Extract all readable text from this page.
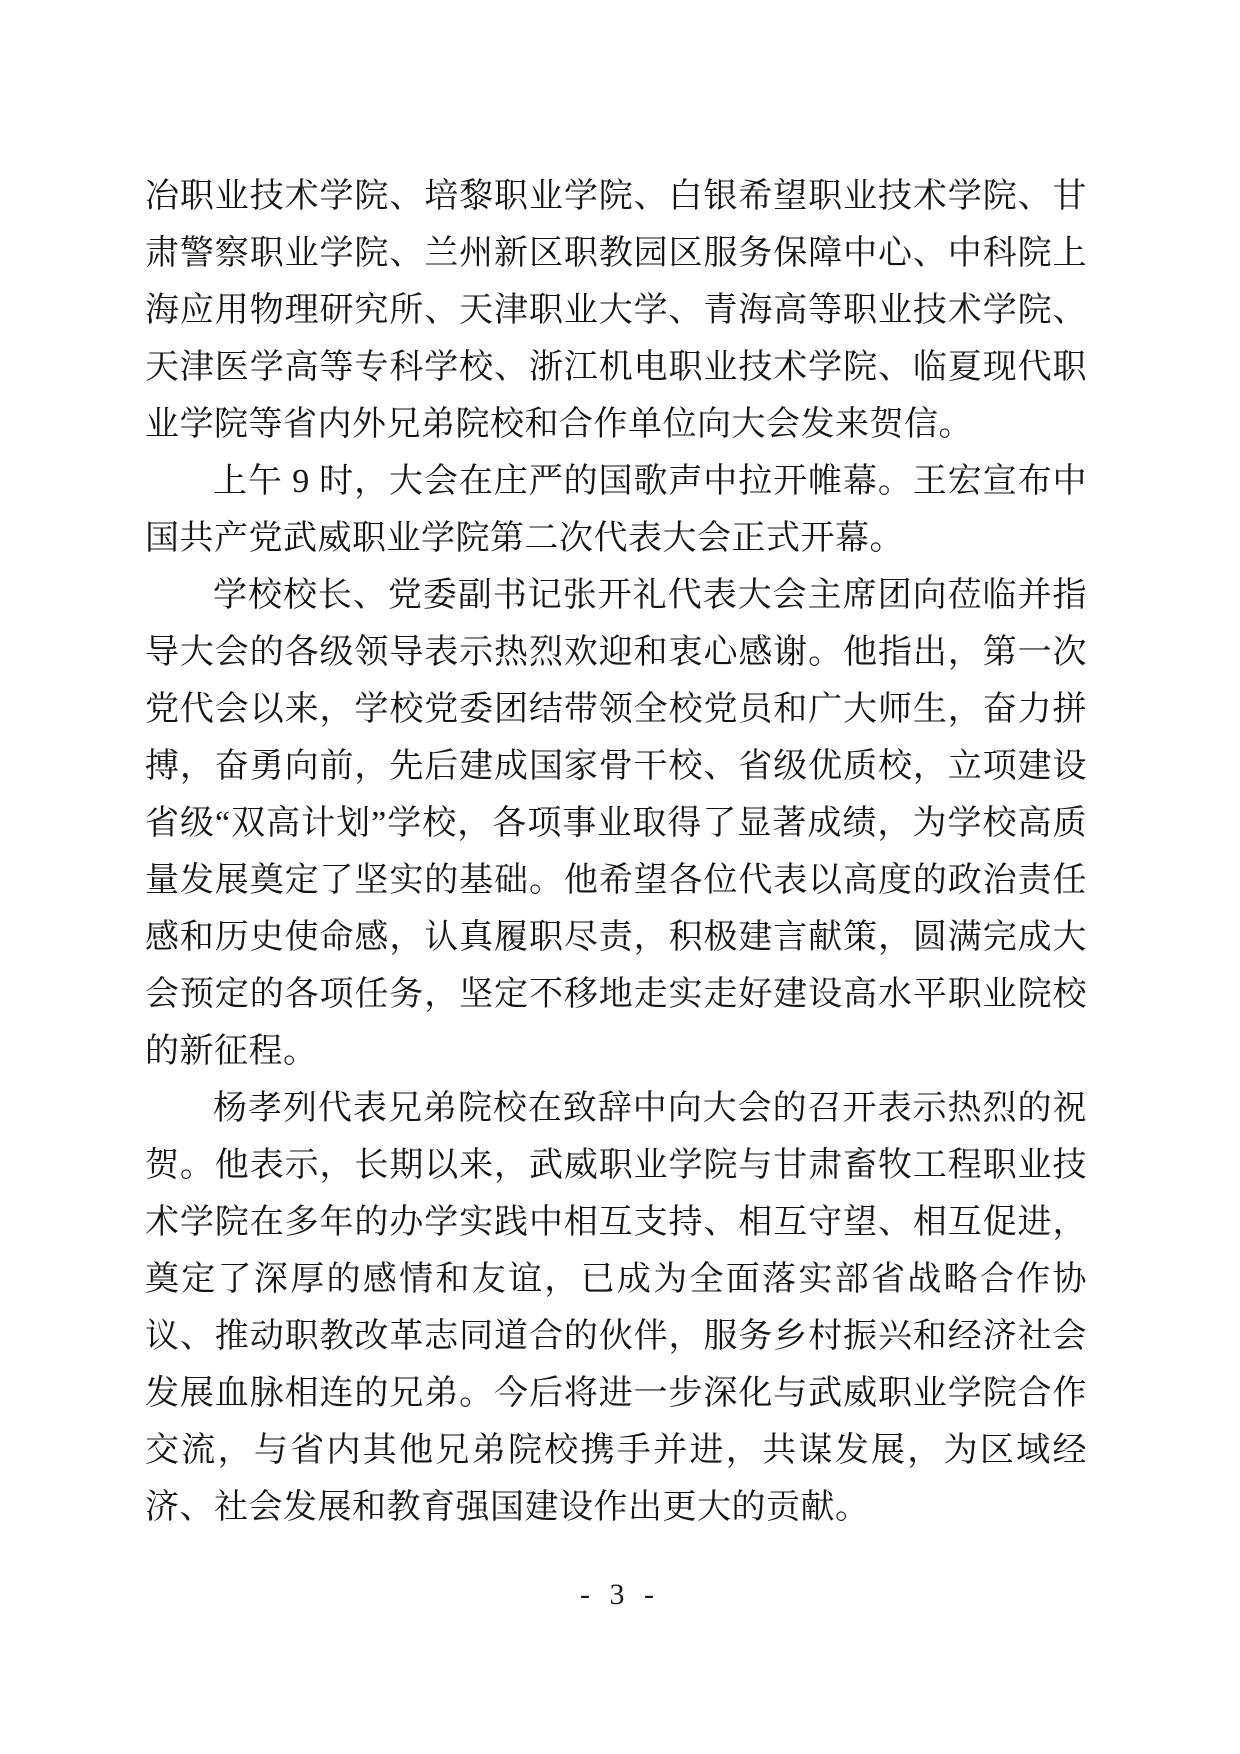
冶职业技术学院、培黎职业学院、白银希望职业技术学院、甘肃警察职业学院、兰州新区职教园区服务保障中心、中科院上海应用物理研究所、天津职业大学、青海高等职业技术学院、天津医学高等专科学校、浙江机电职业技术学院、临夏现代职业学院等省内外兄弟院校和合作单位向大会发来贺信。

上午 9 时，大会在庄严的国歌声中拉开帷幕。王宏宣布中国共产党武威职业学院第二次代表大会正式开幕。

学校校长、党委副书记张开礼代表大会主席团向莅临并指导大会的各级领导表示热烈欢迎和衷心感谢。他指出，第一次党代会以来，学校党委团结带领全校党员和广大师生，奋力拼搏，奋勇向前，先后建成国家骨干校、省级优质校，立项建设省级“双高计划”学校，各项事业取得了显著成绩，为学校高质量发展奠定了坚实的基础。他希望各位代表以高度的政治责任感和历史使命感，认真履职尽责，积极建言献策，圆满完成大会预定的各项任务，坚定不移地走实走好建设高水平职业院校的新征程。

杨孝列代表兄弟院校在致辞中向大会的召开表示热烈的祝贺。他表示，长期以来，武威职业学院与甘肃畜牧工程职业技术学院在多年的办学实践中相互支持、相互守望、相互促进，奠定了深厚的感情和友谊，已成为全面落实部省战略合作协议、推动职教改革志同道合的伙伴，服务乡村振兴和经济社会发展血脉相连的兄弟。今后将进一步深化与武威职业学院合作交流，与省内其他兄弟院校携手并进，共谋发展，为区域经济、社会发展和教育强国建设作出更大的贡献。

- 3 -
